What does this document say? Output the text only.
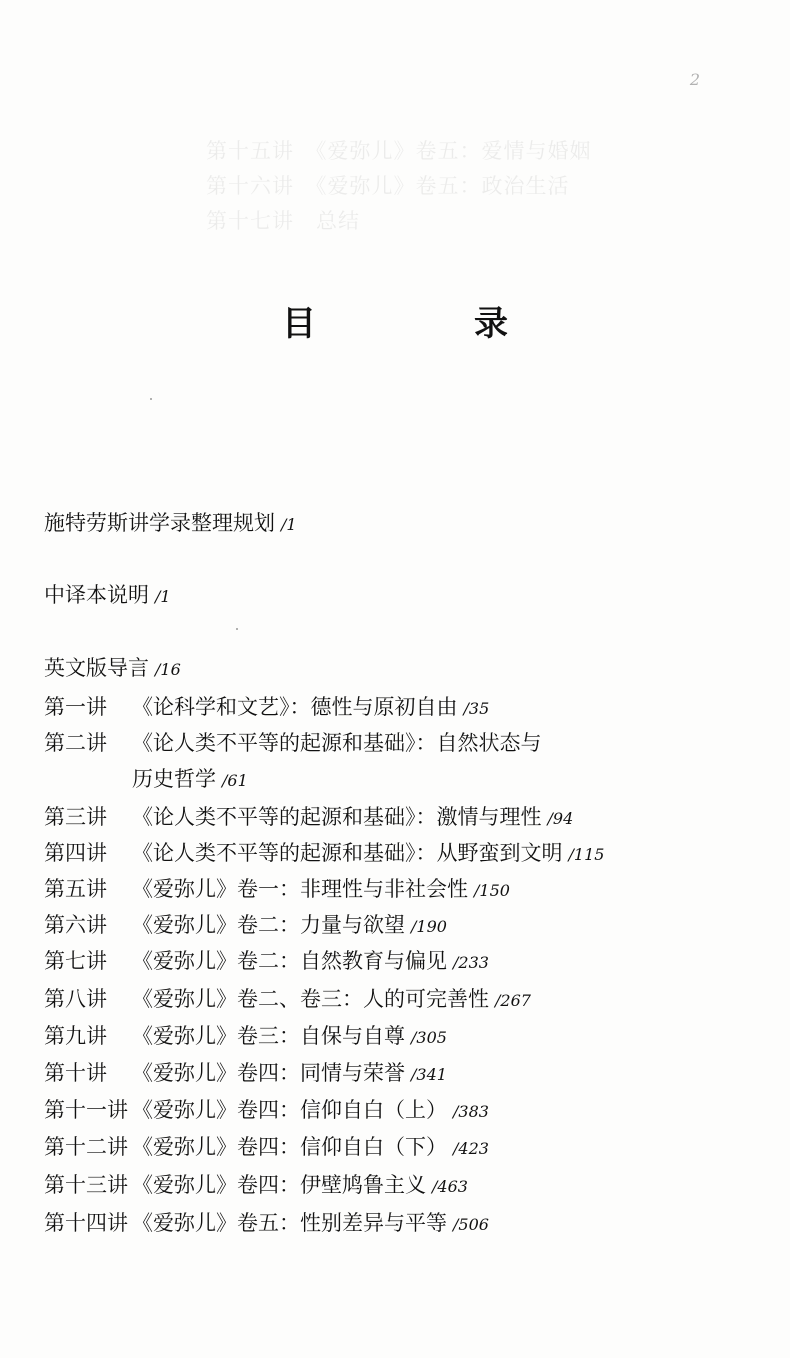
第十五讲　《爱弥儿》卷五：爱情与婚姻
第十六讲　《爱弥儿》卷五：政治生活
第十七讲　总结
2
目　录
施特劳斯讲学录整理规划 /1
中译本说明 /1
英文版导言 /16
第一讲 《论科学和文艺》：德性与原初自由 /35
第二讲 《论人类不平等的起源和基础》：自然状态与
历史哲学 /61
第三讲 《论人类不平等的起源和基础》：激情与理性 /94
第四讲 《论人类不平等的起源和基础》：从野蛮到文明 /115
第五讲 《爱弥儿》卷一：非理性与非社会性 /150
第六讲 《爱弥儿》卷二：力量与欲望 /190
第七讲 《爱弥儿》卷二：自然教育与偏见 /233
第八讲 《爱弥儿》卷二、卷三：人的可完善性 /267
第九讲 《爱弥儿》卷三：自保与自尊 /305
第十讲 《爱弥儿》卷四：同情与荣誉 /341
第十一讲 《爱弥儿》卷四：信仰自白（上） /383
第十二讲 《爱弥儿》卷四：信仰自白（下） /423
第十三讲 《爱弥儿》卷四：伊壁鸠鲁主义 /463
第十四讲 《爱弥儿》卷五：性别差异与平等 /506
